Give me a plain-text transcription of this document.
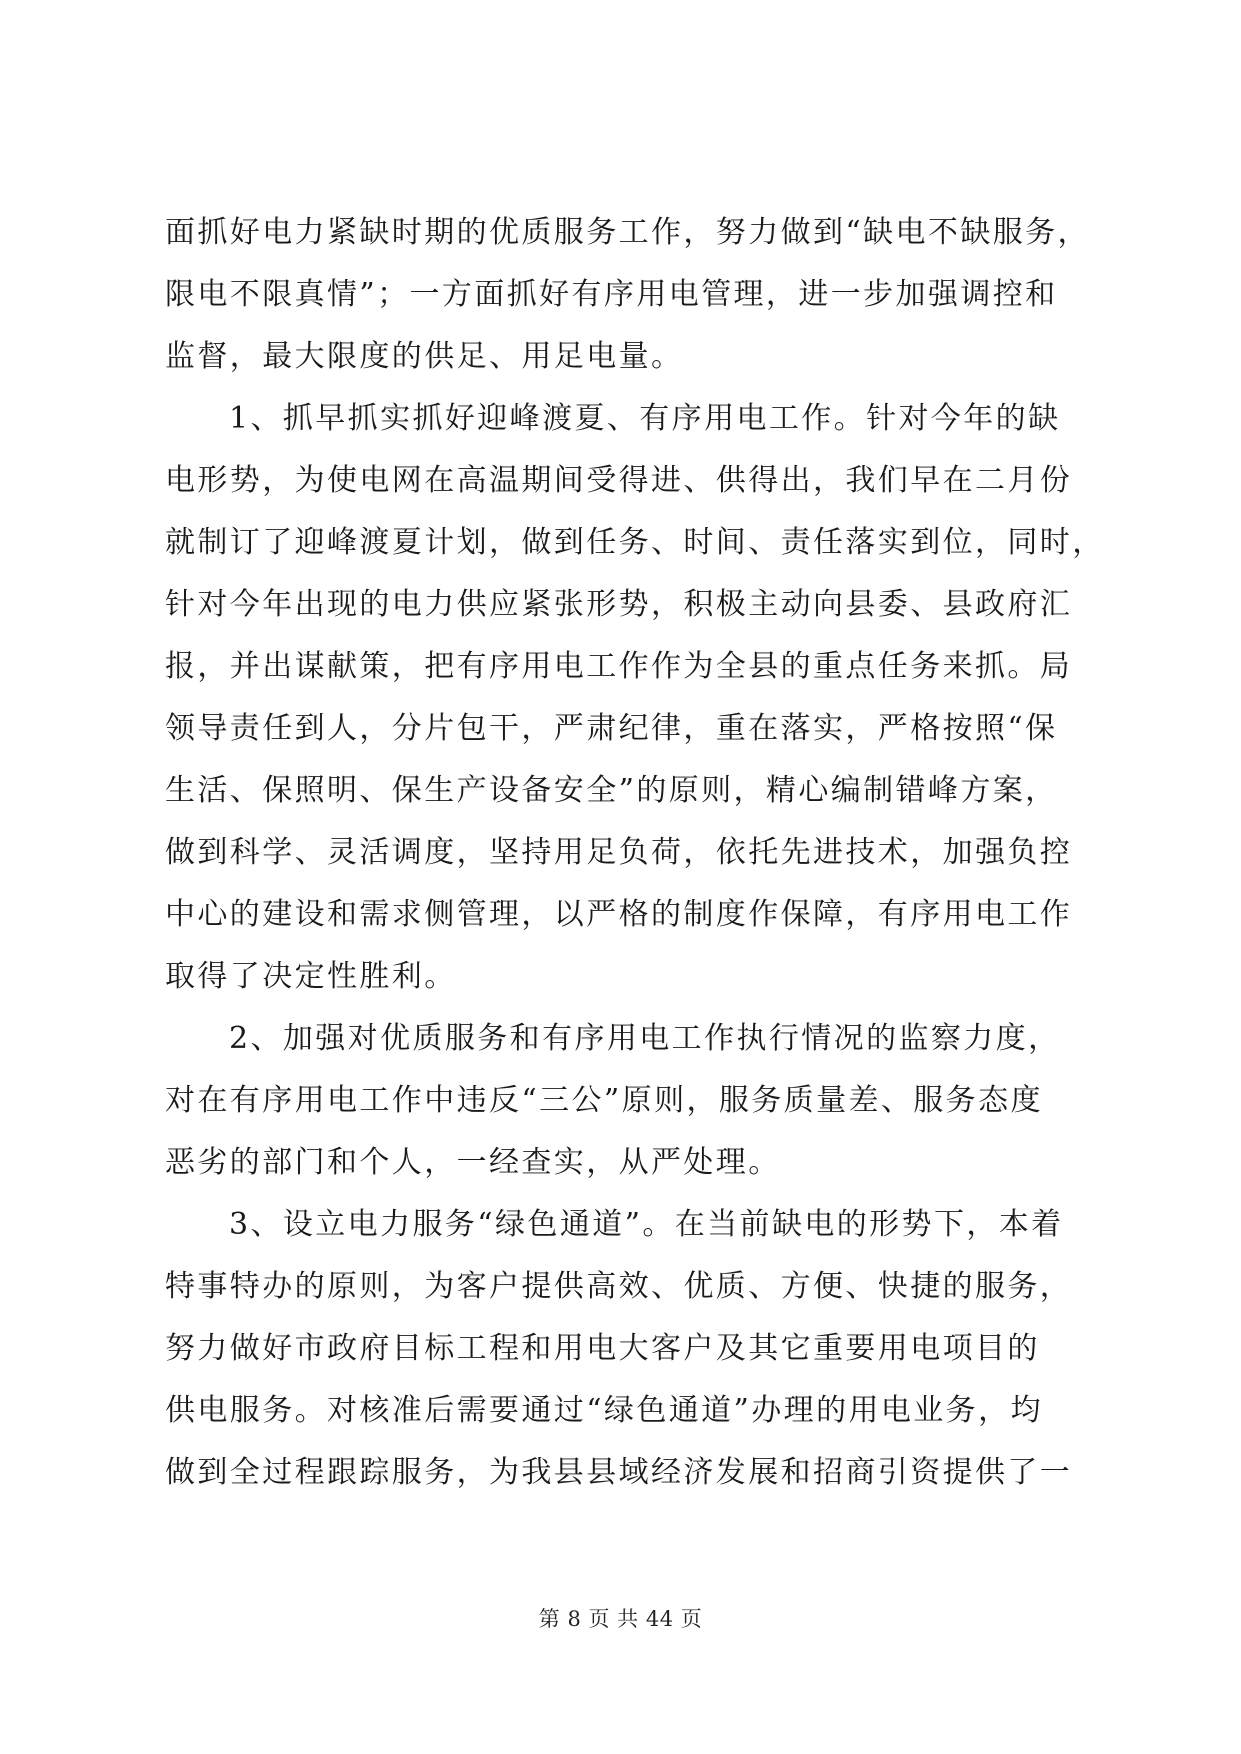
面抓好电力紧缺时期的优质服务工作，努力做到“缺电不缺服务，
限电不限真情”；一方面抓好有序用电管理，进一步加强调控和
监督，最大限度的供足、用足电量。
1、抓早抓实抓好迎峰渡夏、有序用电工作。针对今年的缺
电形势，为使电网在高温期间受得进、供得出，我们早在二月份
就制订了迎峰渡夏计划，做到任务、时间、责任落实到位，同时，
针对今年出现的电力供应紧张形势，积极主动向县委、县政府汇
报，并出谋献策，把有序用电工作作为全县的重点任务来抓。局
领导责任到人，分片包干，严肃纪律，重在落实，严格按照“保
生活、保照明、保生产设备安全”的原则，精心编制错峰方案，
做到科学、灵活调度，坚持用足负荷，依托先进技术，加强负控
中心的建设和需求侧管理，以严格的制度作保障，有序用电工作
取得了决定性胜利。
2、加强对优质服务和有序用电工作执行情况的监察力度，
对在有序用电工作中违反“三公”原则，服务质量差、服务态度
恶劣的部门和个人，一经查实，从严处理。
3、设立电力服务“绿色通道”。在当前缺电的形势下，本着
特事特办的原则，为客户提供高效、优质、方便、快捷的服务，
努力做好市政府目标工程和用电大客户及其它重要用电项目的
供电服务。对核准后需要通过“绿色通道”办理的用电业务，均
做到全过程跟踪服务，为我县县域经济发展和招商引资提供了一
第 8 页 共 44 页
